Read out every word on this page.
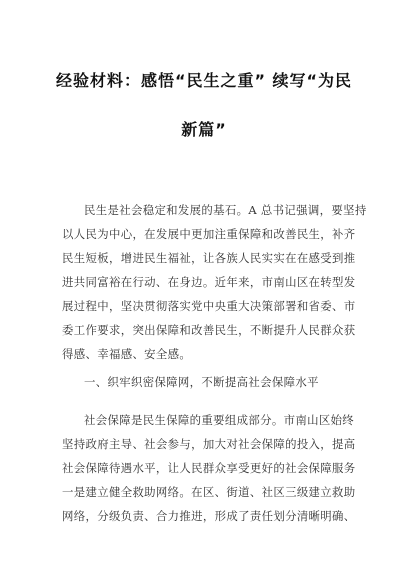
经验材料：感悟“民生之重” 续写“为民
新篇”
民生是社会稳定和发展的基石。A 总书记强调，要坚持
以人民为中心，在发展中更加注重保障和改善民生，补齐
民生短板，增进民生福祉，让各族人民实实在在感受到推
进共同富裕在行动、在身边。近年来，市南山区在转型发
展过程中，坚决贯彻落实党中央重大决策部署和省委、市
委工作要求，突出保障和改善民生，不断提升人民群众获
得感、幸福感、安全感。
一、织牢织密保障网，不断提高社会保障水平
社会保障是民生保障的重要组成部分。市南山区始终
坚持政府主导、社会参与，加大对社会保障的投入，提高
社会保障待遇水平，让人民群众享受更好的社会保障服务
一是建立健全救助网络。在区、街道、社区三级建立救助
网络，分级负责、合力推进，形成了责任划分清晰明确、
